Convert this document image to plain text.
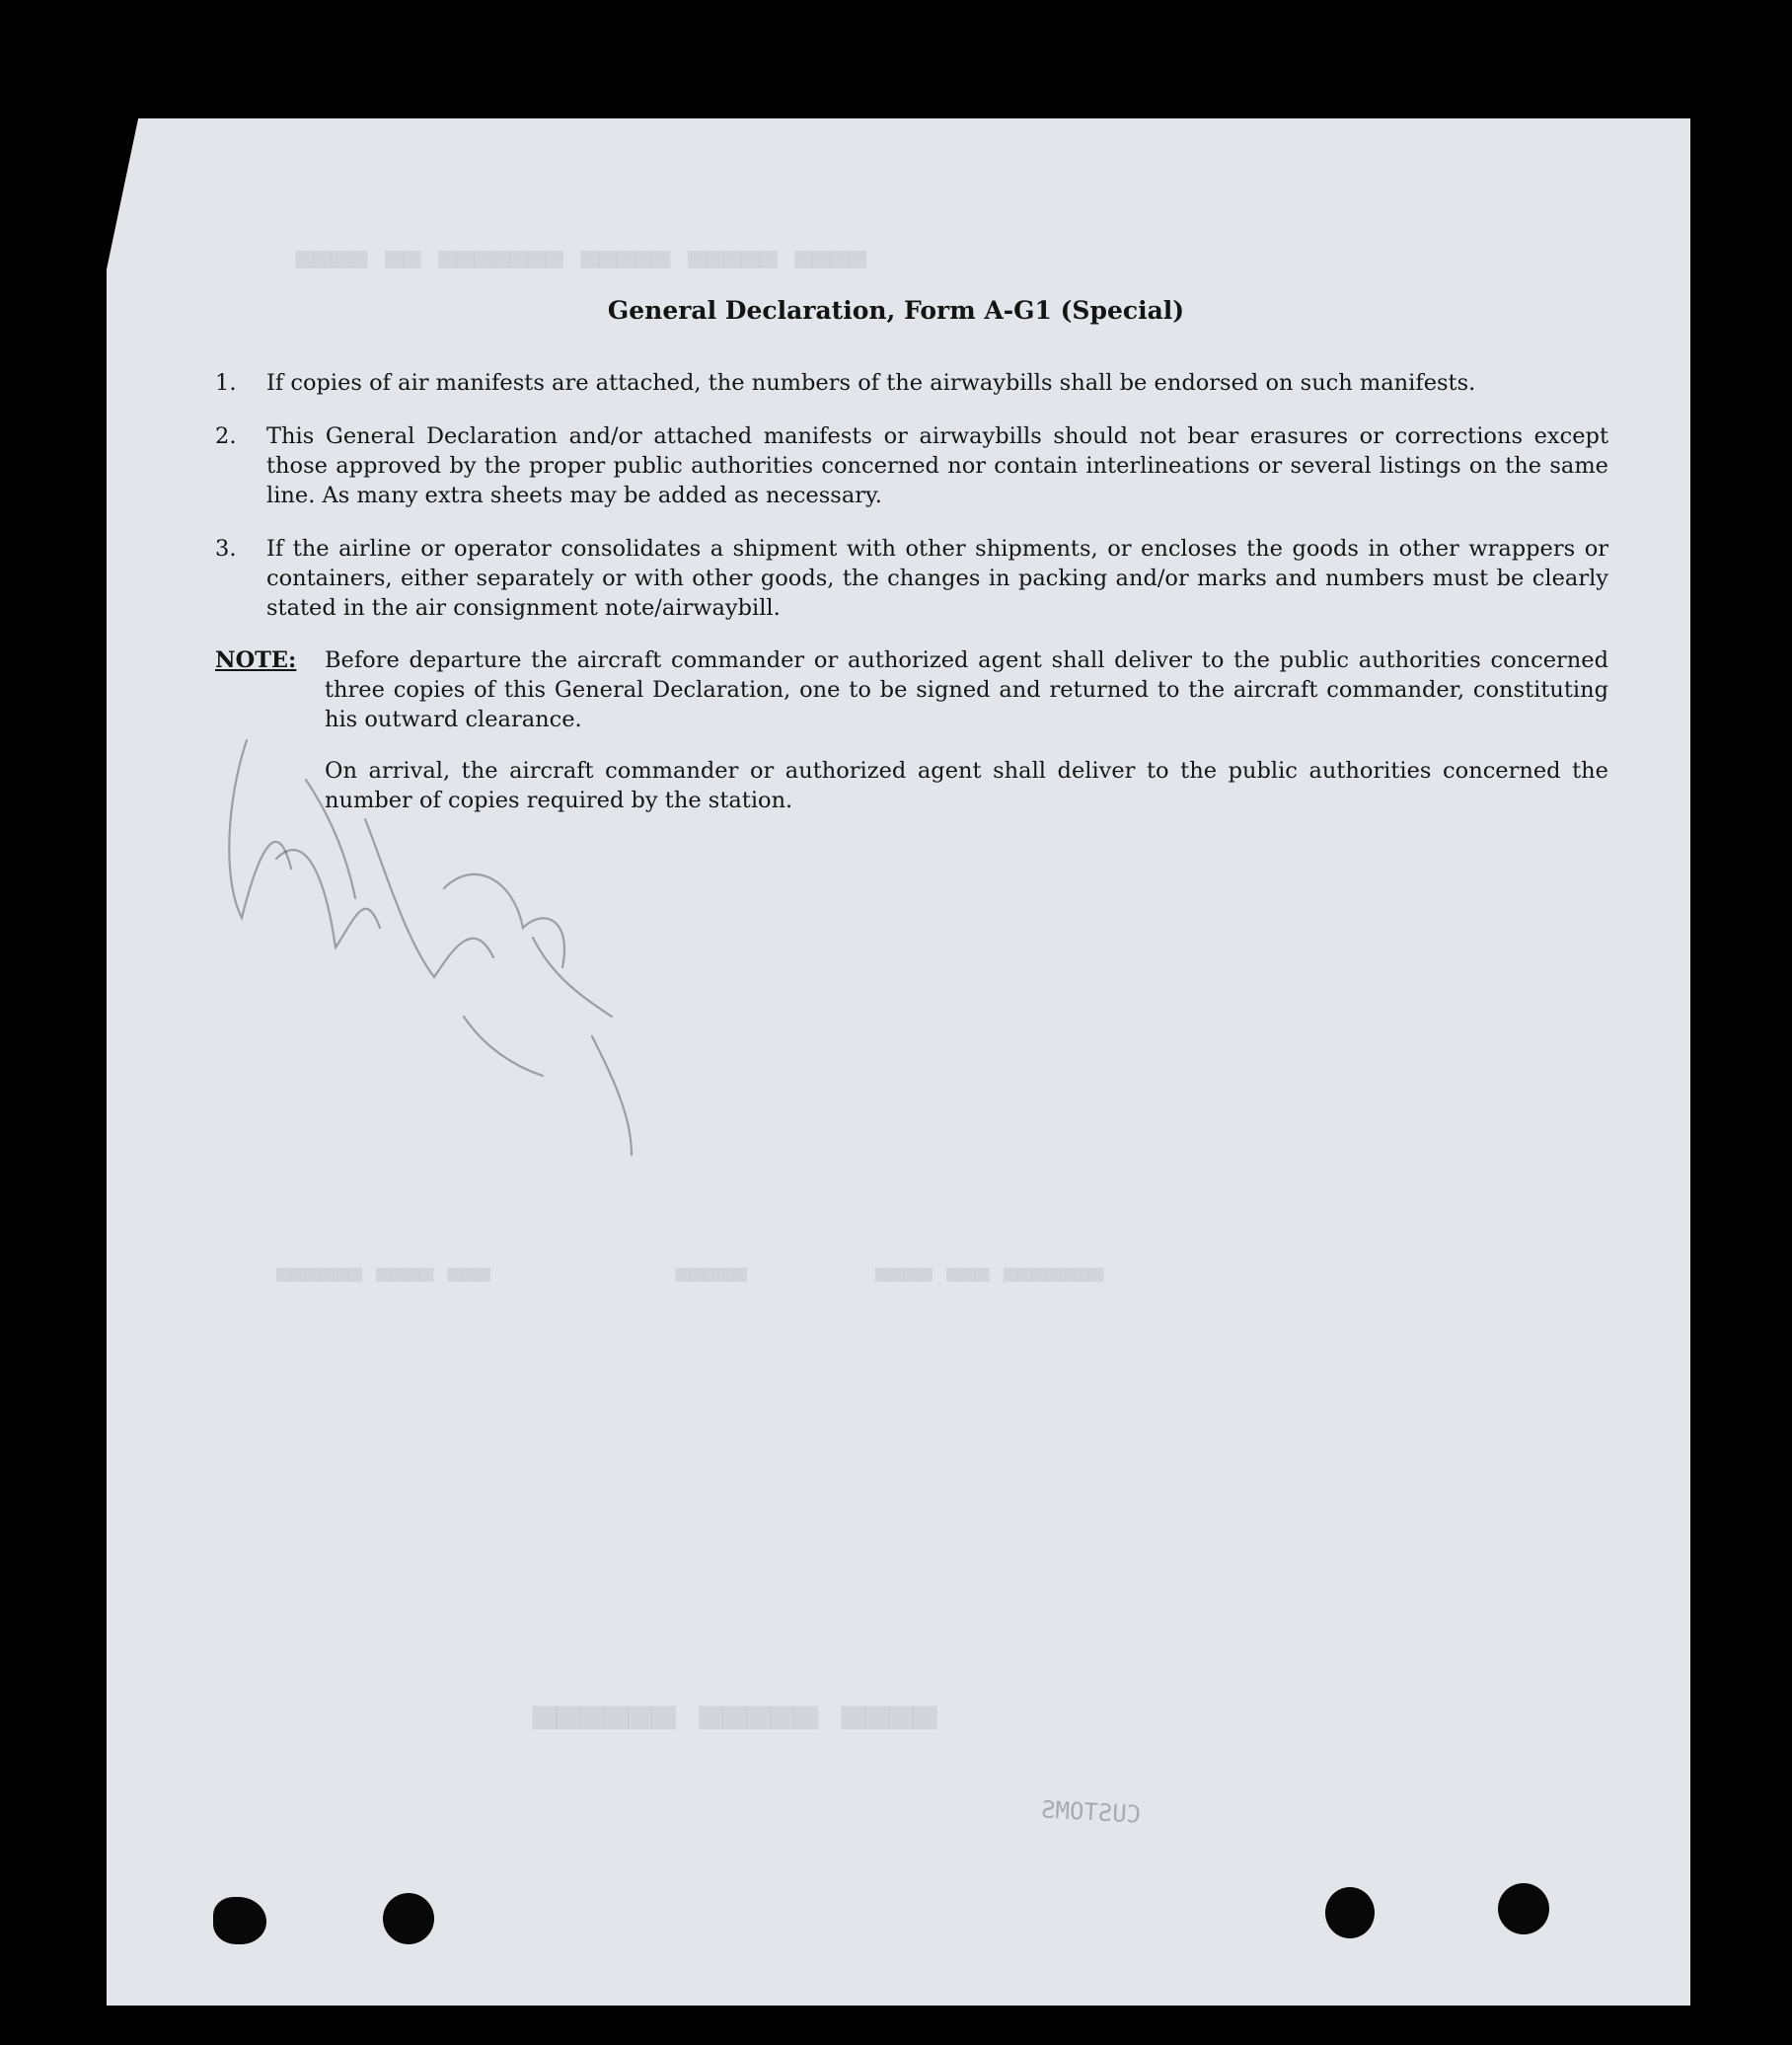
▀▀▀▀ ▀▀▀▀▀ ▀▀▀▀▀ ▀▀▀▀▀▀▀ ▀▀ ▀▀▀▀
▀▀▀▀▀▀▀ ▀▀▀ ▀▀▀▀         ▀▀▀▀▀             ▀▀▀ ▀▀▀▀ ▀▀▀▀▀▀
▀▀▀▀ ▀▀▀▀▀ ▀▀▀▀▀▀
General Declaration, Form A-G1 (Special)
1.	If copies of air manifests are attached, the numbers of the airwaybills shall be endorsed on such manifests.
2.	This General Declaration and/or attached manifests or airwaybills should not bear erasures or corrections except those approved by the proper public authorities concerned nor contain interlineations or several listings on the same line. As many extra sheets may be added as necessary.
3.	If the airline or operator consolidates a shipment with other shipments, or encloses the goods in other wrappers or containers, either separately or with other goods, the changes in packing and/or marks and numbers must be clearly stated in the air consignment note/airwaybill.
NOTE: Before departure the aircraft commander or authorized agent shall deliver to the public authorities concerned three copies of this General Declaration, one to be signed and returned to the aircraft commander, constituting his outward clearance.
On arrival, the aircraft commander or authorized agent shall deliver to the public authorities concerned the number of copies required by the station.
CUSTOMS
